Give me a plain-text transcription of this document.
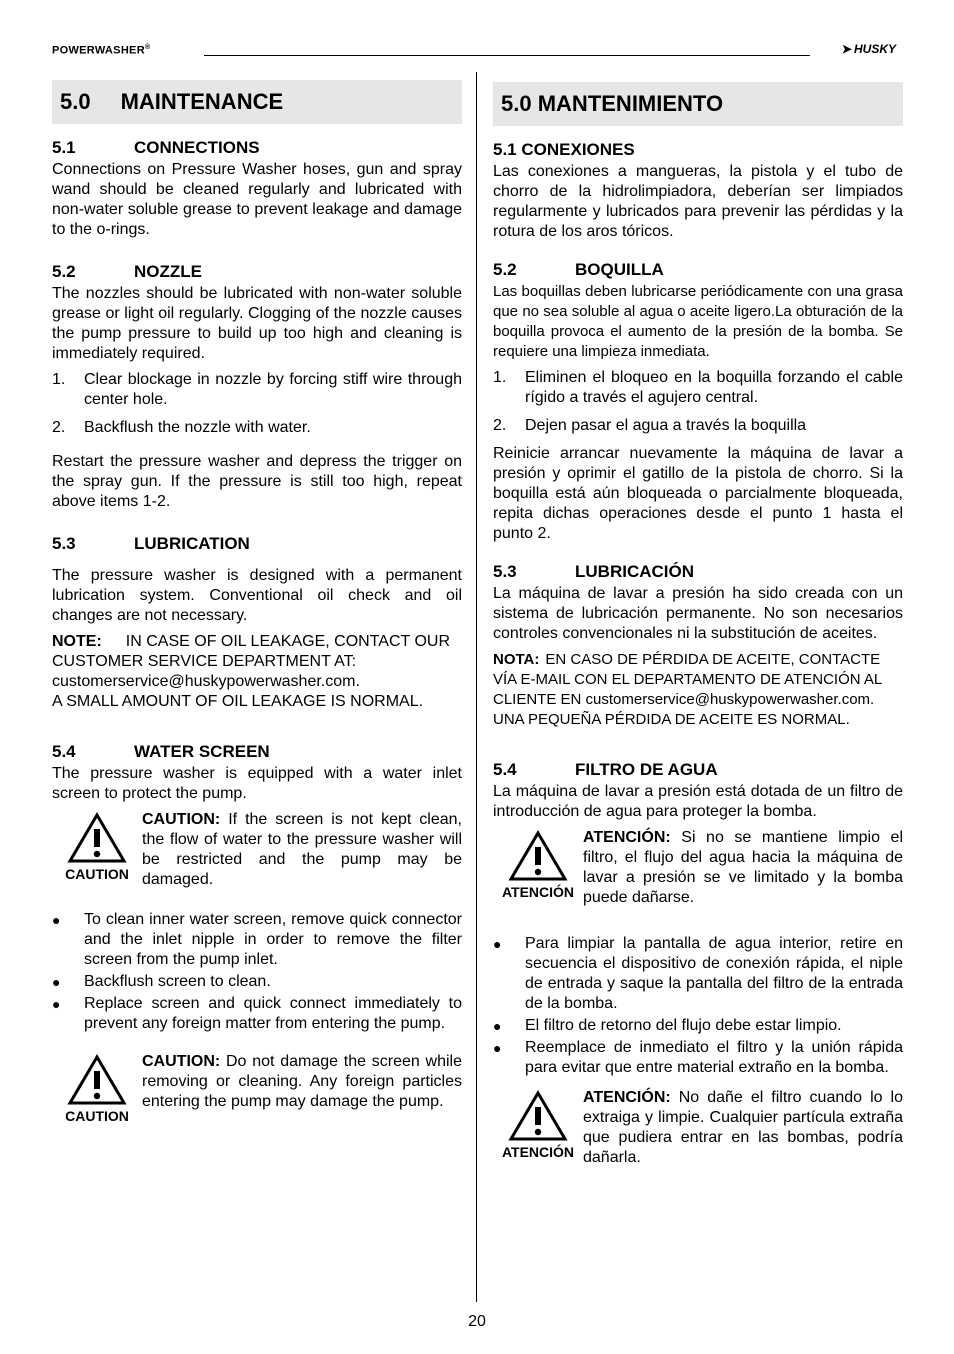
POWERWASHER®	➤ HUSKY
5.0 MAINTENANCE
5.1	CONNECTIONS

Connections on Pressure Washer hoses, gun and spray wand should be cleaned regularly and lubricated with non-water soluble grease to prevent leakage and damage to the o-rings.

5.2	NOZZLE

The nozzles should be lubricated with non-water soluble grease or light oil regularly. Clogging of the nozzle causes the pump pressure to build up too high and cleaning is immediately required.

1. Clear blockage in nozzle by forcing stiff wire through center hole.
2. Backflush the nozzle with water.

Restart the pressure washer and depress the trigger on the spray gun. If the pressure is still too high, repeat above items 1-2.

5.3	LUBRICATION

The pressure washer is designed with a permanent lubrication system. Conventional oil check and oil changes are not necessary.

NOTE: IN CASE OF OIL LEAKAGE, CONTACT OUR CUSTOMER SERVICE DEPARTMENT AT:
customerservice@huskypowerwasher.com.
A SMALL AMOUNT OF OIL LEAKAGE IS NORMAL.
5.4	WATER SCREEN

The pressure washer is equipped with a water inlet screen to protect the pump.

CAUTION
CAUTION: If the screen is not kept clean, the flow of water to the pressure washer will be restricted and the pump may be damaged.
● To clean inner water screen, remove quick connector and the inlet nipple in order to remove the filter screen from the pump inlet.
● Backflush screen to clean.
● Replace screen and quick connect immediately to prevent any foreign matter from entering the pump.
CAUTION
CAUTION: Do not damage the screen while removing or cleaning. Any foreign particles entering the pump may damage the pump.
5.0
MANTENIMIENTO
5.1 CONEXIONES

Las conexiones a mangueras, la pistola y el tubo de chorro de la hidrolimpiadora, deberían ser limpiados regularmente y lubricados para prevenir las pérdidas y la rotura de los aros tóricos.

5.2	BOQUILLA

Las boquillas deben lubricarse periódicamente con una grasa que no sea soluble al agua o aceite ligero.La obturación de la boquilla provoca el aumento de la presión de la bomba. Se requiere una limpieza inmediata.

1. Eliminen el bloqueo en la boquilla forzando el cable rígido a través el agujero central.
2. Dejen pasar el agua a través la boquilla

Reinicie arrancar nuevamente la máquina de lavar a presión y oprimir el gatillo de la pistola de chorro. Si la boquilla está aún bloqueada o parcialmente bloqueada, repita dichas operaciones desde el punto 1 hasta el punto 2.

5.3	LUBRICACIÓN

La máquina de lavar a presión ha sido creada con un sistema de lubricación permanente. No son necesarios controles convencionales ni la substitución de aceites.

NOTA: EN CASO DE PÉRDIDA DE ACEITE, CONTACTE VÍA E-MAIL CON EL DEPARTAMENTO DE ATENCIÓN AL CLIENTE EN customerservice@huskypowerwasher.com.
UNA PEQUEÑA PÉRDIDA DE ACEITE ES NORMAL.
5.4	FILTRO DE AGUA

La máquina de lavar a presión está dotada de un filtro de introducción de agua para proteger la bomba.

ATENCIÓN
ATENCIÓN: Si no se mantiene limpio el filtro, el flujo del agua hacia la máquina de lavar a presión se ve limitado y la bomba puede dañarse.
● Para limpiar la pantalla de agua interior, retire en secuencia el dispositivo de conexión rápida, el niple de entrada y saque la pantalla del filtro de la entrada de la bomba.
● El filtro de retorno del flujo debe estar limpio.
● Reemplace de inmediato el filtro y la unión rápida para evitar que entre material extraño en la bomba.
ATENCIÓN
ATENCIÓN: No dañe el filtro cuando lo lo extraiga y limpie. Cualquier partícula extraña que pudiera entrar en las bombas, podría dañarla.
20
